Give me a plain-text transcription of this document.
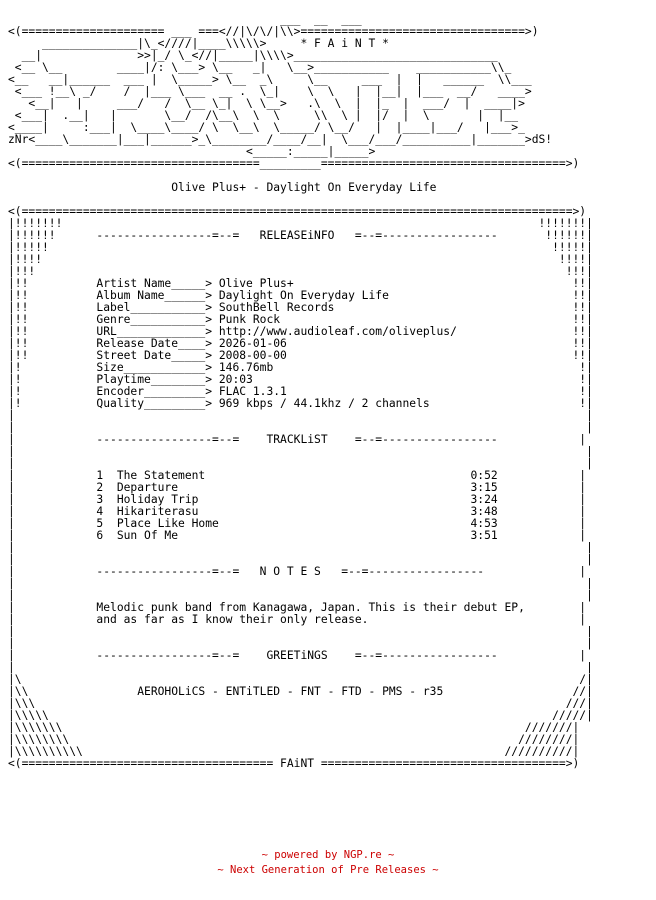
___  __  ___
<(===================== ___ ===<//|\/\/|\\>=================================>)
______________|\_<////|____\\\\\>     * F A i N T *
__|              >>|_/ \_<//|_____|\\\\>______________________________
<__ \__        ____|/: \___> \__   _|   \__>___________    ___________\\_
<__   __|______  ___ |  \_____> \__  _\     \__     ___  |  |   ______  \\___
<___ !__\ _/    /  |___ \___  __ .  \_|    \  \   |  |__|  |___  __/   ____>
<__|   |     ___/   /  \__ \_|  \ \__>   .\  \  |  |_  |  ___/  |  ____|>
<___|  .__|   |       \__/  /\__\  \  \     \\  \ |  |/  |  \       |  |__
<____|     :___|  \____\____/ \  \__\  \_____/ \__/   |  |____|___/   |___>_
zNr<____\_______|___|______>_\________/____/__|  \___/___/__________|_______>dS!
<_____:_____|_____>
<(===================================_________====================================>)

Olive Plus+ - Daylight On Everyday Life

<(=================================================================================>)
|!!!!!!!                                                                      !!!!!!!|
|!!!!!!      -----------------=--=   RELEASEiNFO   =--=-----------------       !!!!!!|
|!!!!!                                                                          !!!!!|
|!!!!                                                                            !!!!|
|!!!                                                                              !!!|
|!!          Artist Name_____> Olive Plus+                                         !!|
|!!          Album Name______> Daylight On Everyday Life                           !!|
|!!          Label___________> SouthBell Records                                   !!|
|!!          Genre___________> Punk Rock                                           !!|
|!!          URL_____________> http://www.audioleaf.com/oliveplus/                 !!|
|!!          Release Date____> 2026-01-06                                          !!|
|!!          Street Date_____> 2008-00-00                                          !!|
|!           Size____________> 146.76mb                                             !|
|!           Playtime________> 20:03                                                !|
|!           Encoder_________> FLAC 1.3.1                                           !|
|!           Quality_________> 969 kbps / 44.1khz / 2 channels                      !|
|                                                                                    |
|                                                                                    |
|            -----------------=--=    TRACKLiST    =--=-----------------            |
|                                                                                    |
|                                                                                    |
|            1  The Statement                                       0:52            |
|            2  Departure                                           3:15            |
|            3  Holiday Trip                                        3:24            |
|            4  Hikariterasu                                        3:48            |
|            5  Place Like Home                                     4:53            |
|            6  Sun Of Me                                           3:51            |
|                                                                                    |
|                                                                                    |
|            -----------------=--=   N O T E S   =--=-----------------              |
|                                                                                    |
|                                                                                    |
|            Melodic punk band from Kanagawa, Japan. This is their debut EP,        |
|            and as far as I know their only release.                               |
|                                                                                    |
|                                                                                    |
|            -----------------=--=    GREETiNGS    =--=-----------------            |
|                                                                                    |
|\                                                                                  /|
|\\                AEROHOLiCS - ENTiTLED - FNT - FTD - PMS - r35                   //|
|\\\                                                                              ///|
|\\\\\                                                                          /////|
|\\\\\\\                                                                    ///////|
|\\\\\\\\                                                                  ////////|
|\\\\\\\\\\                                                              //////////|
<(===================================== FAiNT ====================================>)
~ powered by NGP.re ~
~ Next Generation of Pre Releases ~
